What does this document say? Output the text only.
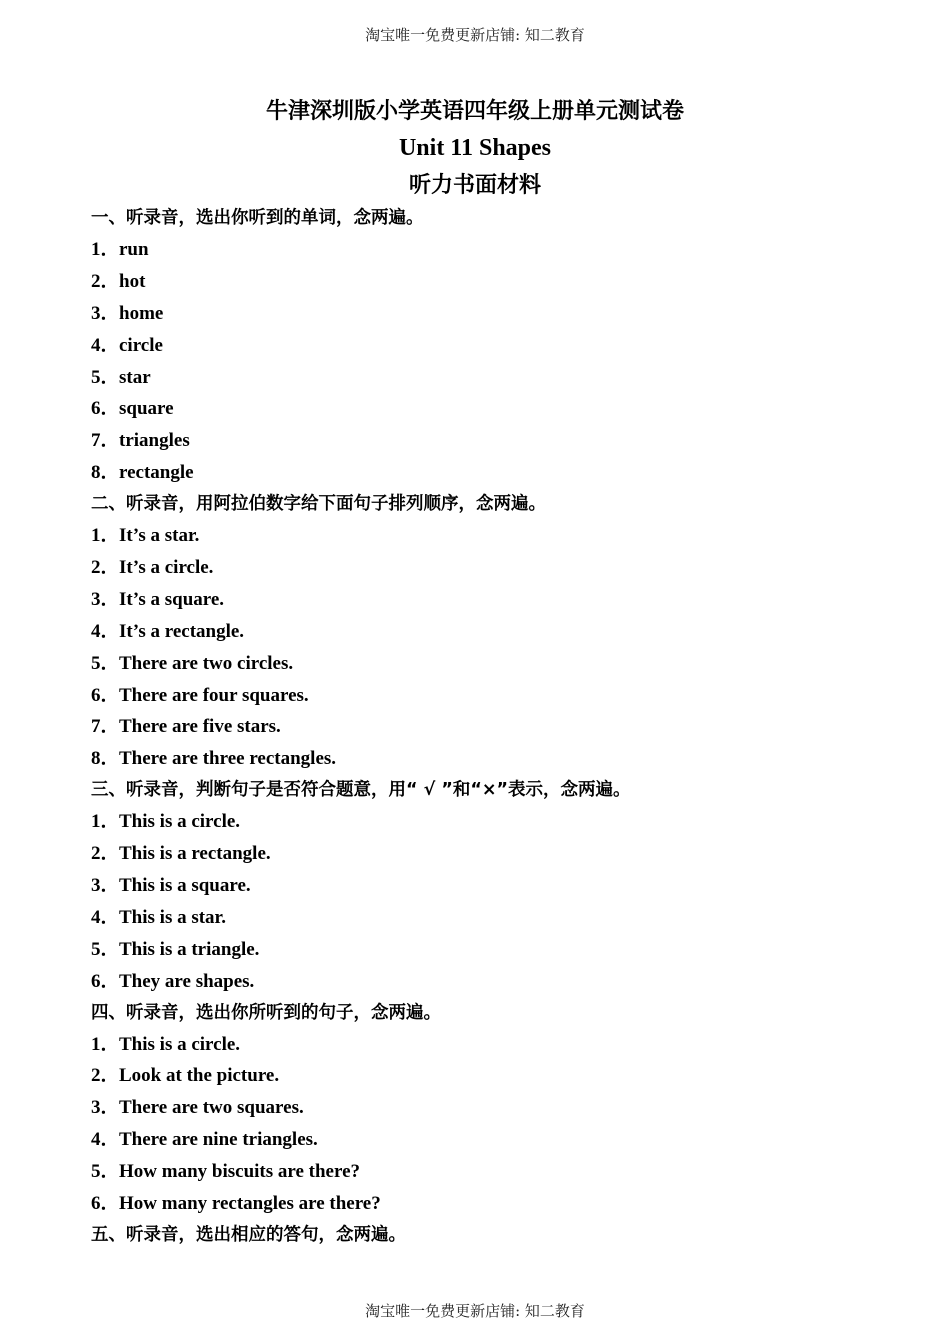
淘宝唯一免费更新店铺: 知二教育
牛津深圳版小学英语四年级上册单元测试卷
Unit 11 Shapes
听力书面材料
一、听录音，选出你听到的单词，念两遍。
1．run
2．hot
3．home
4．circle
5．star
6．square
7．triangles
8．rectangle
二、听录音，用阿拉伯数字给下面句子排列顺序，念两遍。
1．It’s a star.
2．It’s a circle.
3．It’s a square.
4．It’s a rectangle.
5．There are two circles.
6．There are four squares.
7．There are five stars.
8．There are three rectangles.
三、听录音，判断句子是否符合题意，用“ √ ”和“×”表示，念两遍。
1．This is a circle.
2．This is a rectangle.
3．This is a square.
4．This is a star.
5．This is a triangle.
6．They are shapes.
四、听录音，选出你所听到的句子，念两遍。
1．This is a circle.
2．Look at the picture.
3．There are two squares.
4．There are nine triangles.
5．How many biscuits are there?
6．How many rectangles are there?
五、听录音，选出相应的答句，念两遍。
淘宝唯一免费更新店铺: 知二教育
